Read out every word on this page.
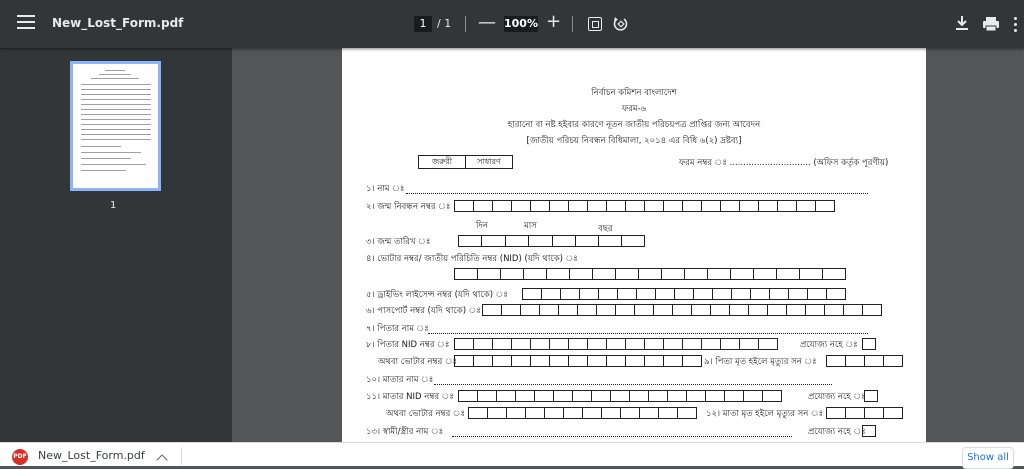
New_Lost_Form.pdf	1 / 1 — 100% +
1
নির্বাচন কমিশন বাংলাদেশ
ফরম-৬
হারানো বা নষ্ট হইবার কারণে নূতন জাতীয় পরিচয়পত্র প্রাপ্তির জন্য আবেদন
[জাতীয় পরিচয় নিবন্ধন বিধিমালা, ২০১৪ এর বিধি ৬(২) দ্রষ্টব্য]
জরুরী	সাধারণ	ফরম নম্বর ঃ .............................. (অফিস কর্তৃক পূরণীয়)
১। নাম ঃ
২। জন্ম নিবন্ধন নম্বর ঃ
দিন	মাস	বছর
৩। জন্ম তারিখ ঃ
৪। ভোটার নম্বর/ জাতীয় পরিচিতি নম্বর (NID) (যদি থাকে) ঃ
৫। ড্রাইভিং লাইসেন্স নম্বর (যদি থাকে) ঃ
৬। পাসপোর্ট নম্বর (যদি থাকে) ঃ
৭। পিতার নাম ঃ
৮। পিতার NID নম্বর ঃ	প্রযোজ্য নহে ঃ
অথবা ভোটার নম্বর ঃ	৯। পিতা মৃত হইলে মৃত্যুর সন ঃ
১০। মাতার নাম ঃ
১১। মাতার NID নম্বর ঃ	প্রযোজ্য নহে ঃ
অথবা ভোটার নম্বর ঃ	১২। মাতা মৃত হইলে মৃত্যুর সন ঃ
১৩। স্বামী/স্ত্রীর নাম ঃ	প্রযোজ্য নহে ঃ
PDF New_Lost_Form.pdf	Show all
